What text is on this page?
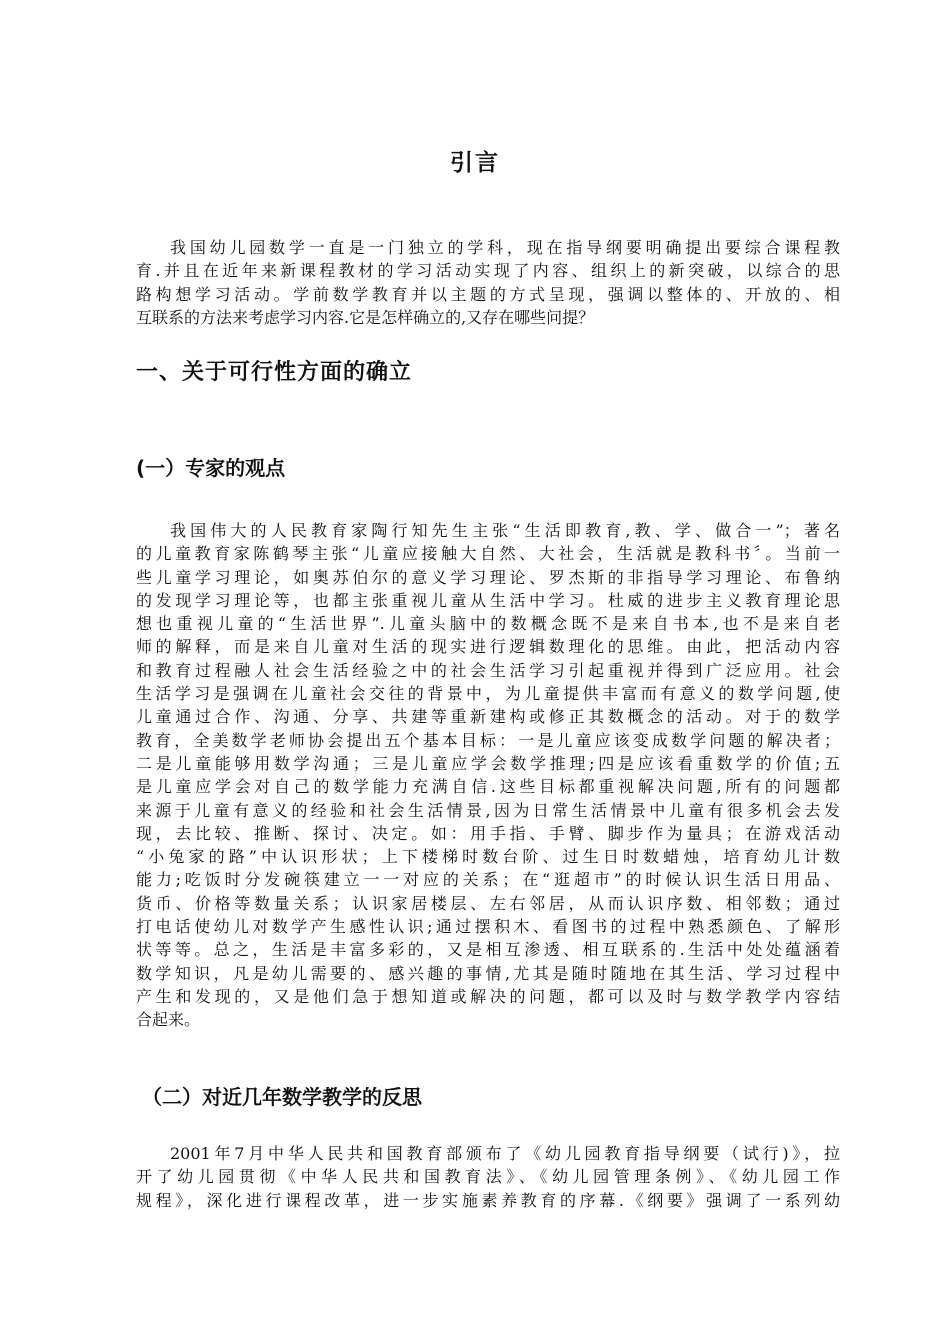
引言
我国幼儿园数学一直是一门独立的学科，现在指导纲要明确提出要综合课程教
育.并且在近年来新课程教材的学习活动实现了内容、组织上的新突破，以综合的思
路构想学习活动。学前数学教育并以主题的方式呈现，强调以整体的、开放的、相
互联系的方法来考虑学习内容.它是怎样确立的,又存在哪些问提？
一、关于可行性方面的确立
(一）专家的观点
我国伟大的人民教育家陶行知先生主张“生活即教育,教、学、做合一”；著名
的儿童教育家陈鹤琴主张“儿童应接触大自然、大社会，生活就是教科书〞。当前一
些儿童学习理论，如奥苏伯尔的意义学习理论、罗杰斯的非指导学习理论、布鲁纳
的发现学习理论等，也都主张重视儿童从生活中学习。杜威的进步主义教育理论思
想也重视儿童的“生活世界”.儿童头脑中的数概念既不是来自书本,也不是来自老
师的解释，而是来自儿童对生活的现实进行逻辑数理化的思维。由此，把活动内容
和教育过程融人社会生活经验之中的社会生活学习引起重视并得到广泛应用。社会
生活学习是强调在儿童社会交往的背景中，为儿童提供丰富而有意义的数学问题,使
儿童通过合作、沟通、分享、共建等重新建构或修正其数概念的活动。对于的数学
教育，全美数学老师协会提出五个基本目标：一是儿童应该变成数学问题的解决者；
二是儿童能够用数学沟通；三是儿童应学会数学推理;四是应该看重数学的价值;五
是儿童应学会对自己的数学能力充满自信.这些目标都重视解决问题,所有的问题都
来源于儿童有意义的经验和社会生活情景,因为日常生活情景中儿童有很多机会去发
现，去比较、推断、探讨、决定。如：用手指、手臂、脚步作为量具；在游戏活动
“小兔家的路”中认识形状；上下楼梯时数台阶、过生日时数蜡烛，培育幼儿计数
能力;吃饭时分发碗筷建立一一对应的关系；在“逛超市”的时候认识生活日用品、
货币、价格等数量关系；认识家居楼层、左右邻居，从而认识序数、相邻数；通过
打电话使幼儿对数学产生感性认识;通过摆积木、看图书的过程中熟悉颜色、了解形
状等等。总之，生活是丰富多彩的，又是相互渗透、相互联系的.生活中处处蕴涵着
数学知识，凡是幼儿需要的、感兴趣的事情,尤其是随时随地在其生活、学习过程中
产生和发现的，又是他们急于想知道或解决的问题，都可以及时与数学教学内容结
合起来。
（二）对近几年数学教学的反思
2001年7月中华人民共和国教育部颁布了《幼儿园教育指导纲要（试行)》，拉
开了幼儿园贯彻《中华人民共和国教育法》、《幼儿园管理条例》、《幼儿园工作
规程》，深化进行课程改革，进一步实施素养教育的序幕.《纲要》强调了一系列幼
